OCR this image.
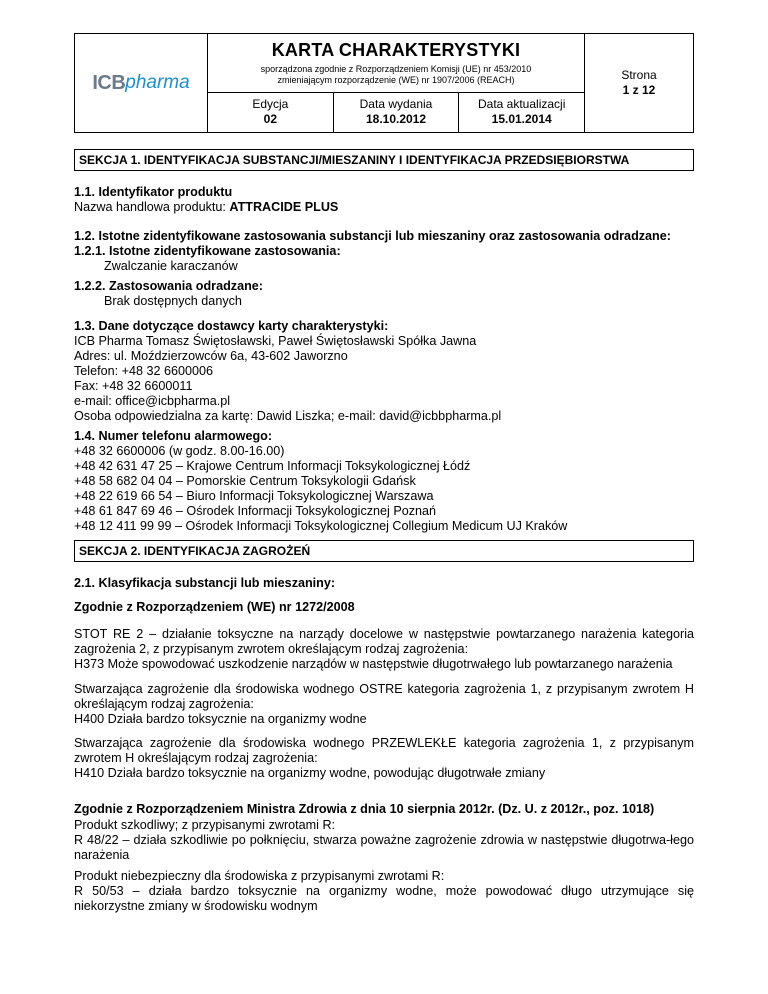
ICB pharma
KARTA CHARAKTERYSTYKI
sporządzona zgodnie z Rozporządzeniem Komisji (UE) nr 453/2010
zmieniającym rozporządzenie (WE) nr 1907/2006 (REACH)
Edycja
02
Data wydania
18.10.2012
Data aktualizacji
15.01.2014
Strona
1 z 12
SEKCJA 1. IDENTYFIKACJA SUBSTANCJI/MIESZANINY I IDENTYFIKACJA PRZEDSIĘBIORSTWA
1.1. Identyfikator produktu
Nazwa handlowa produktu: ATTRACIDE PLUS
1.2. Istotne zidentyfikowane zastosowania substancji lub mieszaniny oraz zastosowania odradzane:
1.2.1. Istotne zidentyfikowane zastosowania:
Zwalczanie karaczanów
1.2.2. Zastosowania odradzane:
Brak dostępnych danych
1.3. Dane dotyczące dostawcy karty charakterystyki:
ICB Pharma Tomasz Świętosławski, Paweł Świętosławski Spółka Jawna
Adres: ul. Moździerzowców 6a, 43-602 Jaworzno
Telefon: +48 32 6600006
Fax: +48 32 6600011
e-mail: office@icbpharma.pl
Osoba odpowiedzialna za kartę: Dawid Liszka; e-mail: david@icbbpharma.pl
1.4. Numer telefonu alarmowego:
+48 32 6600006 (w godz. 8.00-16.00)
+48 42 631 47 25 – Krajowe Centrum Informacji Toksykologicznej Łódź
+48 58 682 04 04 – Pomorskie Centrum Toksykologii Gdańsk
+48 22 619 66 54 – Biuro Informacji Toksykologicznej Warszawa
+48 61 847 69 46 – Ośrodek Informacji Toksykologicznej Poznań
+48 12 411 99 99 – Ośrodek Informacji Toksykologicznej Collegium Medicum UJ Kraków
SEKCJA 2. IDENTYFIKACJA ZAGROŻEŃ
2.1. Klasyfikacja substancji lub mieszaniny:
Zgodnie z Rozporządzeniem (WE) nr 1272/2008
STOT RE 2 – działanie toksyczne na narządy docelowe w następstwie powtarzanego narażenia kategoria zagrożenia 2, z przypisanym zwrotem określającym rodzaj zagrożenia:
H373 Może spowodować uszkodzenie narządów w następstwie długotrwałego lub powtarzanego narażenia
Stwarzająca zagrożenie dla środowiska wodnego OSTRE kategoria zagrożenia 1, z przypisanym zwrotem H określającym rodzaj zagrożenia:
H400 Działa bardzo toksycznie na organizmy wodne
Stwarzająca zagrożenie dla środowiska wodnego PRZEWLEKŁE kategoria zagrożenia 1, z przypisanym zwrotem H określającym rodzaj zagrożenia:
H410 Działa bardzo toksycznie na organizmy wodne, powodując długotrwałe zmiany
Zgodnie z Rozporządzeniem Ministra Zdrowia z dnia 10 sierpnia 2012r. (Dz. U. z 2012r., poz. 1018)
Produkt szkodliwy; z przypisanymi zwrotami R:
R 48/22 – działa szkodliwie po połknięciu, stwarza poważne zagrożenie zdrowia w następstwie długotrwa-łego narażenia
Produkt niebezpieczny dla środowiska z przypisanymi zwrotami R:
R 50/53 – działa bardzo toksycznie na organizmy wodne, może powodować długo utrzymujące się niekorzystne zmiany w środowisku wodnym
